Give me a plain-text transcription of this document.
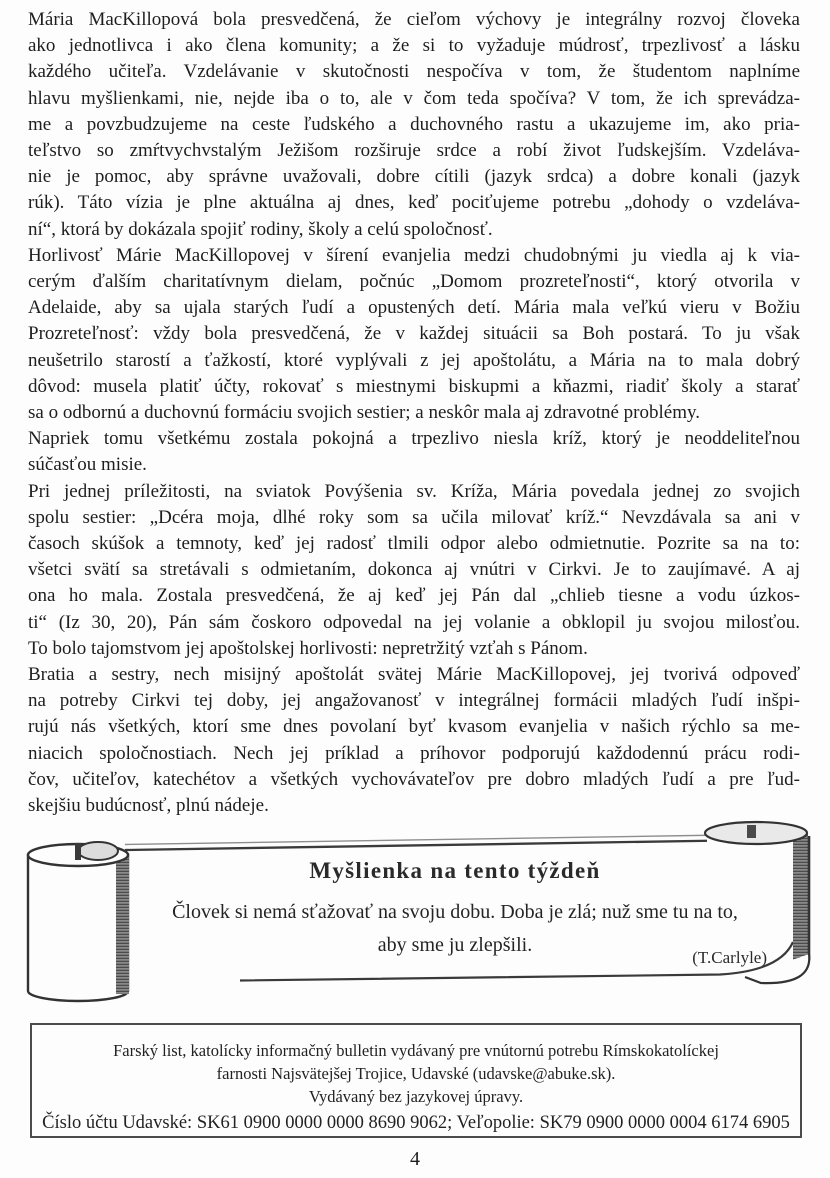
Mária MacKillopová bola presvedčená, že cieľom výchovy je integrálny rozvoj človeka
ako jednotlivca i ako člena komunity; a že si to vyžaduje múdrosť, trpezlivosť a lásku
každého učiteľa. Vzdelávanie v skutočnosti nespočíva v tom, že študentom naplníme
hlavu myšlienkami, nie, nejde iba o to, ale v čom teda spočíva? V tom, že ich sprevádza-
me a povzbudzujeme na ceste ľudského a duchovného rastu a ukazujeme im, ako pria-
teľstvo so zmŕtvychvstalým Ježišom rozširuje srdce a robí život ľudskejším. Vzdeláva-
nie je pomoc, aby správne uvažovali, dobre cítili (jazyk srdca) a dobre konali (jazyk
rúk). Táto vízia je plne aktuálna aj dnes, keď pociťujeme potrebu „dohody o vzdeláva-
ní“, ktorá by dokázala spojiť rodiny, školy a celú spoločnosť.
Horlivosť Márie MacKillopovej v šírení evanjelia medzi chudobnými ju viedla aj k via-
cerým ďalším charitatívnym dielam, počnúc „Domom prozreteľnosti“, ktorý otvorila v
Adelaide, aby sa ujala starých ľudí a opustených detí. Mária mala veľkú vieru v Božiu
Prozreteľnosť: vždy bola presvedčená, že v každej situácii sa Boh postará. To ju však
neušetrilo starostí a ťažkostí, ktoré vyplývali z jej apoštolátu, a Mária na to mala dobrý
dôvod: musela platiť účty, rokovať s miestnymi biskupmi a kňazmi, riadiť školy a starať
sa o odbornú a duchovnú formáciu svojich sestier; a neskôr mala aj zdravotné problémy.
Napriek tomu všetkému zostala pokojná a trpezlivo niesla kríž, ktorý je neoddeliteľnou
súčasťou misie.
Pri jednej príležitosti, na sviatok Povýšenia sv. Kríža, Mária povedala jednej zo svojich
spolu sestier: „Dcéra moja, dlhé roky som sa učila milovať kríž.“ Nevzdávala sa ani v
časoch skúšok a temnoty, keď jej radosť tlmili odpor alebo odmietnutie. Pozrite sa na to:
všetci svätí sa stretávali s odmietaním, dokonca aj vnútri v Cirkvi. Je to zaujímavé. A aj
ona ho mala. Zostala presvedčená, že aj keď jej Pán dal „chlieb tiesne a vodu úzkos-
ti“ (Iz 30, 20), Pán sám čoskoro odpovedal na jej volanie a obklopil ju svojou milosťou.
To bolo tajomstvom jej apoštolskej horlivosti: nepretržitý vzťah s Pánom.
Bratia a sestry, nech misijný apoštolát svätej Márie MacKillopovej, jej tvorivá odpoveď
na potreby Cirkvi tej doby, jej angažovanosť v integrálnej formácii mladých ľudí inšpi-
rujú nás všetkých, ktorí sme dnes povolaní byť kvasom evanjelia v našich rýchlo sa me-
niacich spoločnostiach. Nech jej príklad a príhovor podporujú každodennú prácu rodi-
čov, učiteľov, katechétov a všetkých vychovávateľov pre dobro mladých ľudí a pre ľud-
skejšiu budúcnosť, plnú nádeje.
Myšlienka na tento týždeň
Človek si nemá sťažovať na svoju dobu. Doba je zlá; nuž sme tu na to,
aby sme ju zlepšili.
(T.Carlyle)
Farský list, katolícky informačný bulletin vydávaný pre vnútornú potrebu Rímskokatolíckej
farnosti Najsvätejšej Trojice, Udavské (udavske@abuke.sk).
Vydávaný bez jazykovej úpravy.
Číslo účtu Udavské: SK61 0900 0000 0000 8690 9062; Veľopolie: SK79 0900 0000 0004 6174 6905
4
